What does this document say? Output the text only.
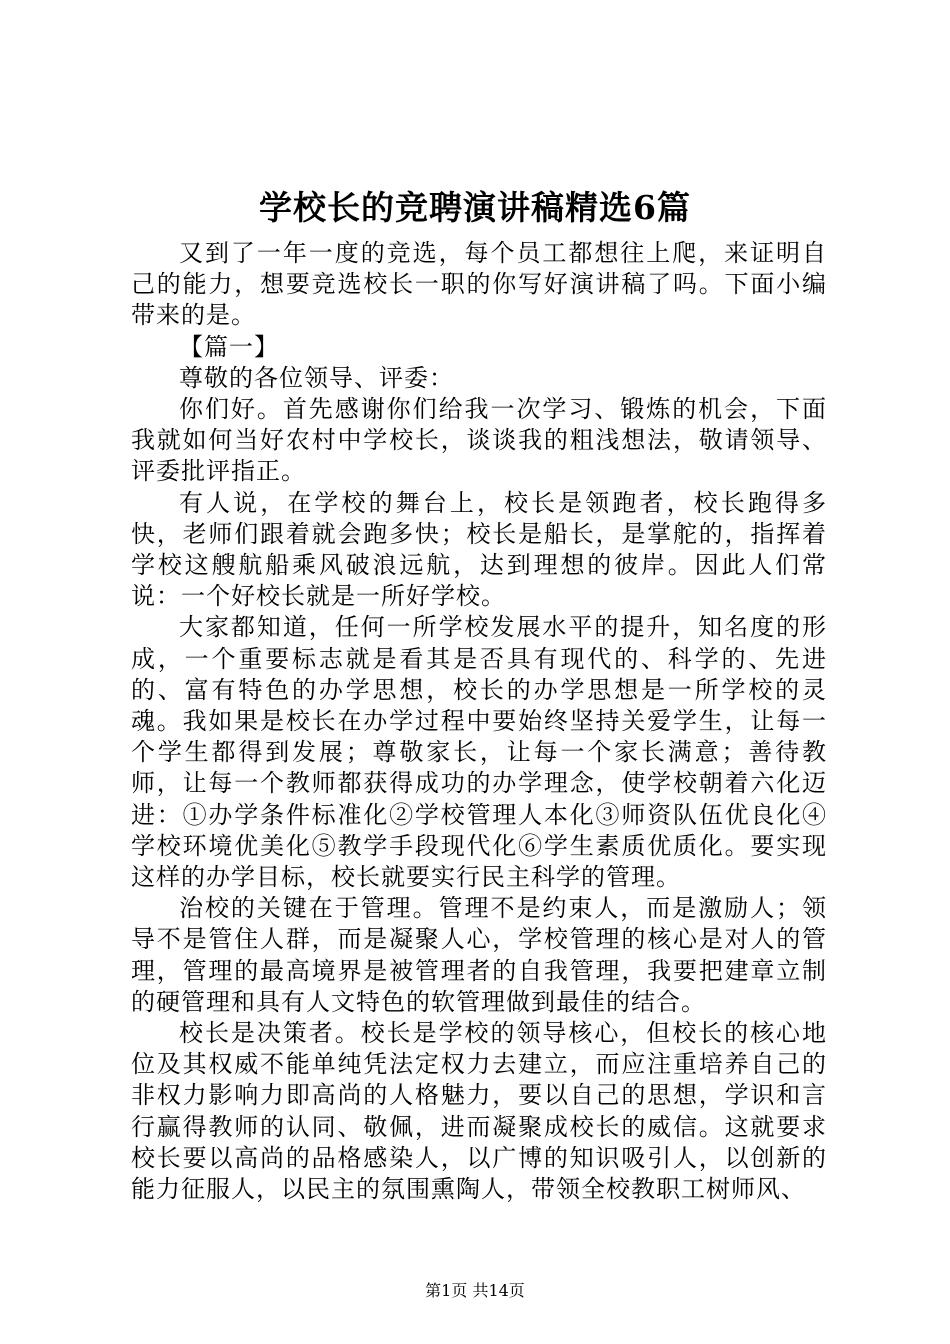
学校长的竞聘演讲稿精选6篇

又到了一年一度的竞选，每个员工都想往上爬，来证明自己的能力，想要竞选校长一职的你写好演讲稿了吗。下面小编带来的是。

【篇一】

尊敬的各位领导、评委：

你们好。首先感谢你们给我一次学习、锻炼的机会，下面我就如何当好农村中学校长，谈谈我的粗浅想法，敬请领导、评委批评指正。

有人说，在学校的舞台上，校长是领跑者，校长跑得多快，老师们跟着就会跑多快；校长是船长，是掌舵的，指挥着学校这艘航船乘风破浪远航，达到理想的彼岸。因此人们常说：一个好校长就是一所好学校。

大家都知道，任何一所学校发展水平的提升，知名度的形成，一个重要标志就是看其是否具有现代的、科学的、先进的、富有特色的办学思想，校长的办学思想是一所学校的灵魂。我如果是校长在办学过程中要始终坚持关爱学生，让每一个学生都得到发展；尊敬家长，让每一个家长满意；善待教师，让每一个教师都获得成功的办学理念，使学校朝着六化迈进：①办学条件标准化②学校管理人本化③师资队伍优良化④学校环境优美化⑤教学手段现代化⑥学生素质优质化。要实现这样的办学目标，校长就要实行民主科学的管理。

治校的关键在于管理。管理不是约束人，而是激励人；领导不是管住人群，而是凝聚人心，学校管理的核心是对人的管理，管理的最高境界是被管理者的自我管理，我要把建章立制的硬管理和具有人文特色的软管理做到最佳的结合。

校长是决策者。校长是学校的领导核心，但校长的核心地位及其权威不能单纯凭法定权力去建立，而应注重培养自己的非权力影响力即高尚的人格魅力，要以自己的思想，学识和言行赢得教师的认同、敬佩，进而凝聚成校长的威信。这就要求校长要以高尚的品格感染人，以广博的知识吸引人，以创新的能力征服人，以民主的氛围熏陶人，带领全校教职工树师风、

第1页 共14页
